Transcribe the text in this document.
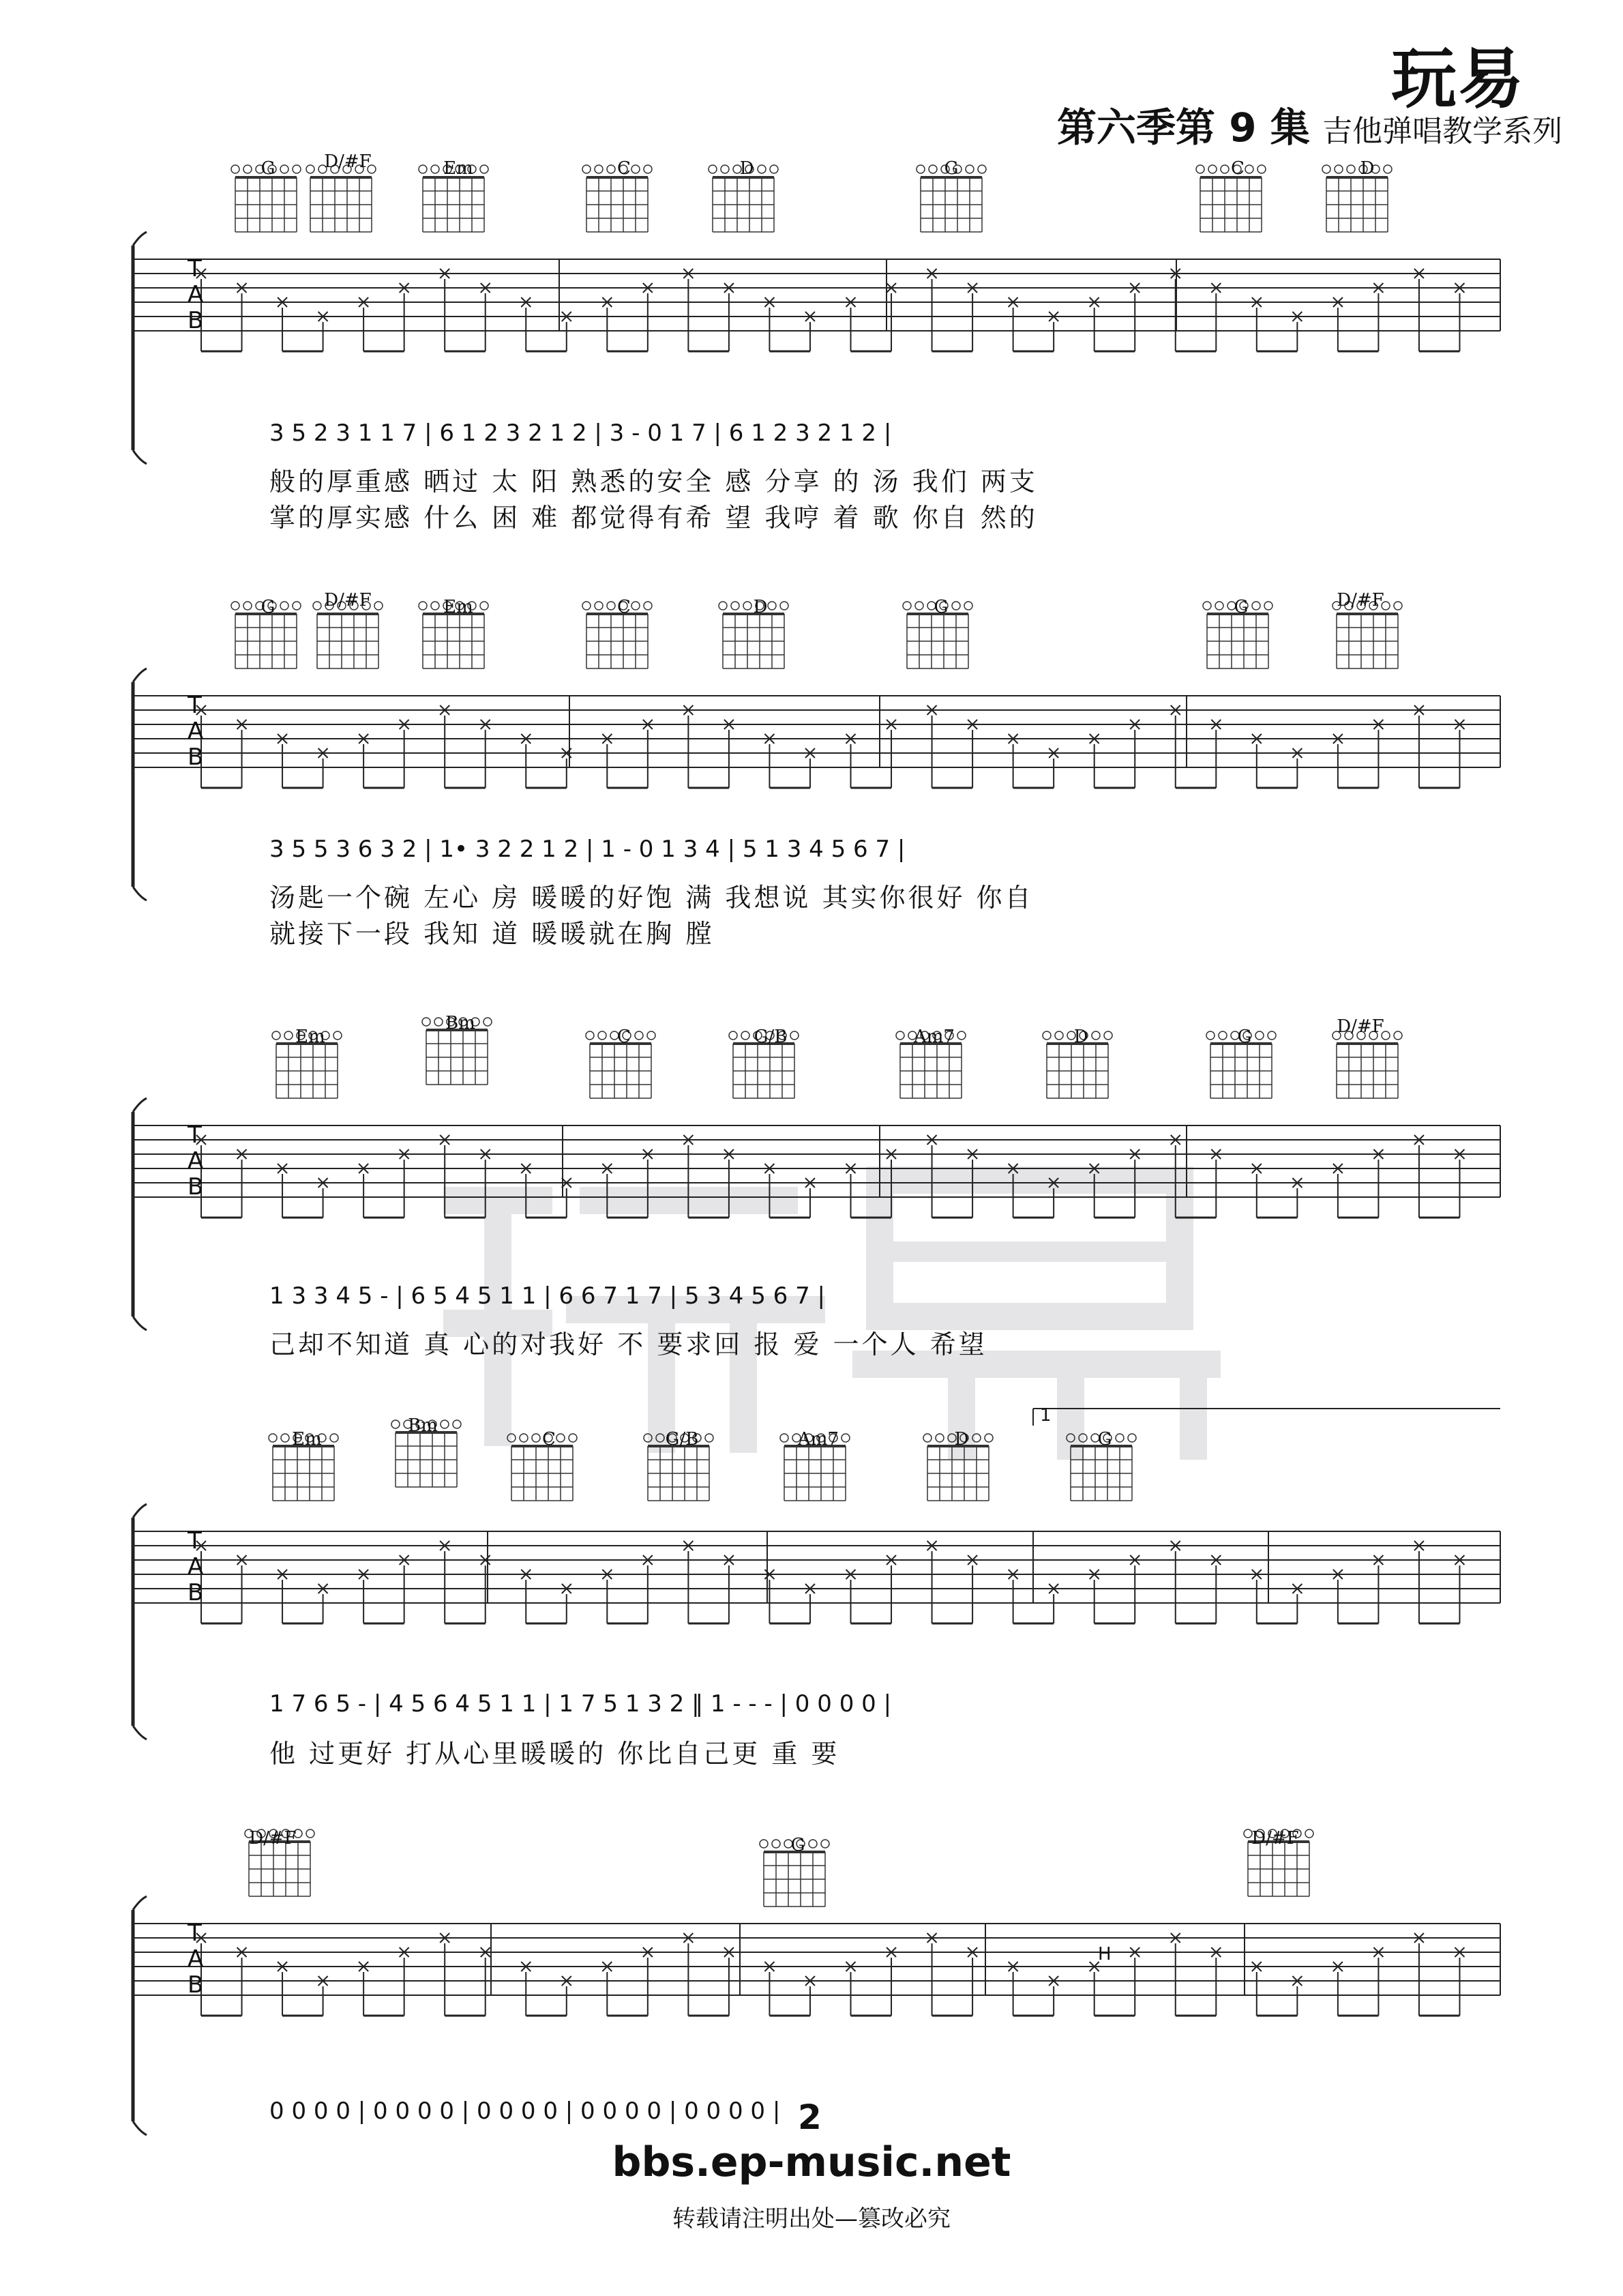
玩易
第六季第 9 集 吉他弹唱教学系列
G	D/#F	Em	C	D	G	C	D
3 5 2 3 1 1 7 | 6 1 2 3 2 1 2 | 3 - 0 1 7 | 6 1 2 3 2 1 2 |
般的厚重感 晒过 太 阳 熟悉的安全 感 分享 的 汤 我们 两支
掌的厚实感 什么 困 难 都觉得有希 望 我哼 着 歌 你自 然的
G	D/#F	Em	C	D	G	G	D/#F
3 5 5 3 6 3 2 | 1• 3 2 2 1 2 | 1 - 0 1 3 4 | 5 1 3 4 5 6 7 |
汤匙一个碗 左心 房 暖暖的好饱 满 我想说 其实你很好 你自
就接下一段 我知 道 暖暖就在胸 膛
Em
Bm
C	G/B	Am7	D	G	D/#F
1 3 3 4 5 - | 6 5 4 5 1 1 | 6 6 7 1 7 | 5 3 4 5 6 7 |
己却不知道 真 心的对我好 不 要求回 报 爱 一个人 希望
Em
Bm
C	G/B	Am7	D	G
1
1 7 6 5 - | 4 5 6 4 5 1 1 | 1 7 5 1 3 2 ‖ 1 - - - | 0 0 0 0 |
他 过更好 打从心里暖暖的 你比自己更 重 要
D/#F	G	D/#F
H
0 0 0 0 | 0 0 0 0 | 0 0 0 0 | 0 0 0 0 | 0 0 0 0 |
T
A
B
T
A
B
T
A
B
T
A
B
T
A
B
2
bbs.ep-music.net
转载请注明出处—篡改必究
